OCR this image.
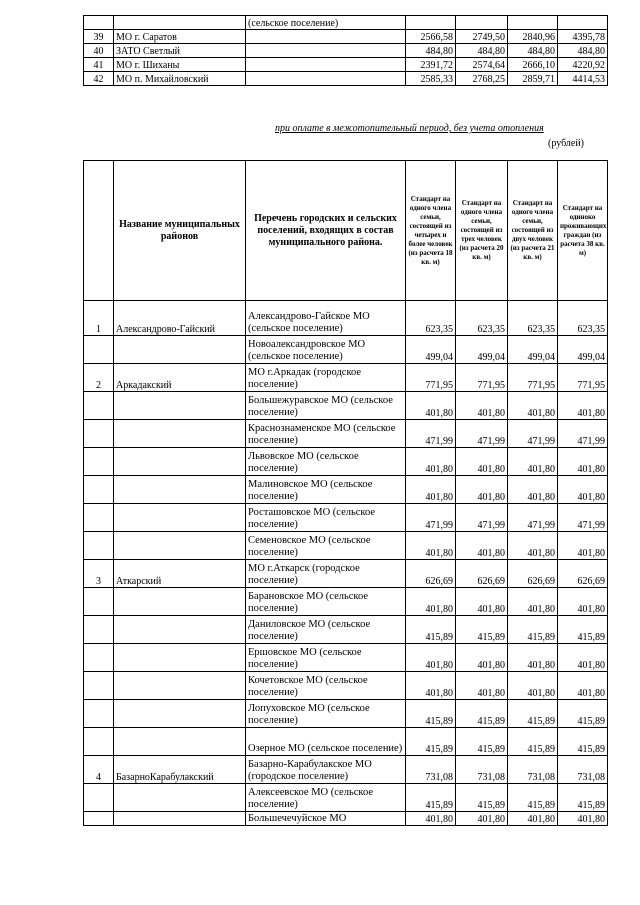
		(сельское поселение)				
39	МО г. Саратов		2566,58	2749,50	2840,96	4395,78
40	ЗАТО Светлый		484,80	484,80	484,80	484,80
41	МО г. Шиханы		2391,72	2574,64	2666,10	4220,92
42	МО п. Михайловский		2585,33	2768,25	2859,71	4414,53
при оплате в межотопительный период, без учета отопления
(рублей)
	Название муниципальных районов	Перечень городских и сельских поселений, входящих в состав муниципального района.	Стандарт на одного члена семьи, состоящей из четырех и более человек (из расчета 18 кв. м)	Стандарт на одного члена семьи, состоящей из трех человек (из расчета 20 кв. м)	Стандарт на одного члена семьи, состоящей из двух человек (из расчета 21 кв. м)	Стандарт на одиноко проживающих граждан (из расчета 38 кв. м)
1	Александрово-Гайский	Александрово-Гайское МО (сельское поселение)	623,35	623,35	623,35	623,35
		Новоалександровское МО (сельское поселение)	499,04	499,04	499,04	499,04
2	Аркадакский	МО г.Аркадак (городское поселение)	771,95	771,95	771,95	771,95
		Большежуравское МО (сельское поселение)	401,80	401,80	401,80	401,80
		Краснознаменское МО (сельское поселение)	471,99	471,99	471,99	471,99
		Львовское МО (сельское поселение)	401,80	401,80	401,80	401,80
		Малиновское МО (сельское поселение)	401,80	401,80	401,80	401,80
		Росташовское МО (сельское поселение)	471,99	471,99	471,99	471,99
		Семеновское МО (сельское поселение)	401,80	401,80	401,80	401,80
3	Аткарский	МО г.Аткарск (городское поселение)	626,69	626,69	626,69	626,69
		Барановское МО (сельское поселение)	401,80	401,80	401,80	401,80
		Даниловское МО (сельское поселение)	415,89	415,89	415,89	415,89
		Ершовское МО (сельское поселение)	401,80	401,80	401,80	401,80
		Кочетовское МО (сельское поселение)	401,80	401,80	401,80	401,80
		Лопуховское МО (сельское поселение)	415,89	415,89	415,89	415,89
		Озерное МО (сельское поселение)	415,89	415,89	415,89	415,89
4	БазарноКарабулакский	Базарно-Карабулакское МО (городское поселение)	731,08	731,08	731,08	731,08
		Алексеевское МО (сельское поселение)	415,89	415,89	415,89	415,89
		Большечечуйское МО	401,80	401,80	401,80	401,80
